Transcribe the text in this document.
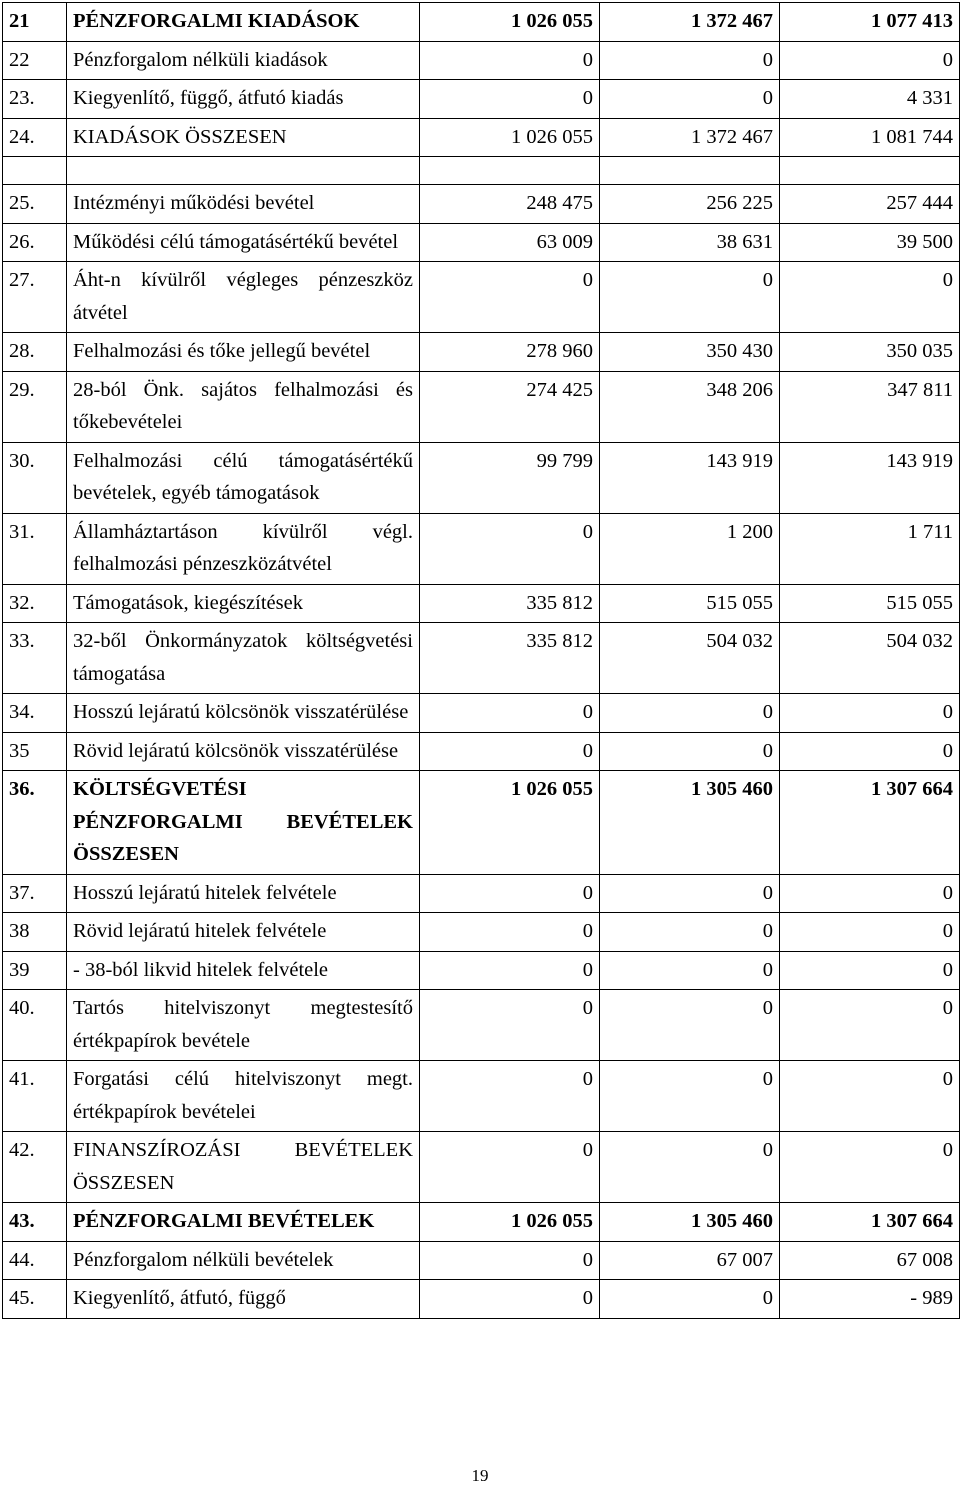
21	PÉNZFORGALMI KIADÁSOK	1 026 055	1 372 467	1 077 413
22	Pénzforgalom nélküli kiadások	0	0	0
23.	Kiegyenlítő, függő, átfutó kiadás	0	0	4 331
24.	KIADÁSOK ÖSSZESEN	1 026 055	1 372 467	1 081 744

25.	Intézményi működési bevétel	248 475	256 225	257 444
26.	Működési célú támogatásértékű bevétel	63 009	38 631	39 500
27.	Áht-n kívülről végleges pénzeszköz átvétel	0	0	0
28.	Felhalmozási és tőke jellegű bevétel	278 960	350 430	350 035
29.	28-ból Önk. sajátos felhalmozási és tőkebevételei	274 425	348 206	347 811
30.	Felhalmozási célú támogatásértékű bevételek, egyéb támogatások	99 799	143 919	143 919
31.	Államháztartáson kívülről végl. felhalmozási pénzeszközátvétel	0	1 200	1 711
32.	Támogatások, kiegészítések	335 812	515 055	515 055
33.	32-ből Önkormányzatok költségvetési támogatása	335 812	504 032	504 032
34.	Hosszú lejáratú kölcsönök visszatérülése	0	0	0
35	Rövid lejáratú kölcsönök visszatérülése	0	0	0
36.	KÖLTSÉGVETÉSI PÉNZFORGALMI BEVÉTELEK ÖSSZESEN	1 026 055	1 305 460	1 307 664
37.	Hosszú lejáratú hitelek felvétele	0	0	0
38	Rövid lejáratú hitelek felvétele	0	0	0
39	- 38-ból likvid hitelek felvétele	0	0	0
40.	Tartós hitelviszonyt megtestesítő értékpapírok bevétele	0	0	0
41.	Forgatási célú hitelviszonyt megt. értékpapírok bevételei	0	0	0
42.	FINANSZÍROZÁSI BEVÉTELEK ÖSSZESEN	0	0	0
43.	PÉNZFORGALMI BEVÉTELEK	1 026 055	1 305 460	1 307 664
44.	Pénzforgalom nélküli bevételek	0	67 007	67 008
45.	Kiegyenlítő, átfutó, függő	0	0	- 989
19
